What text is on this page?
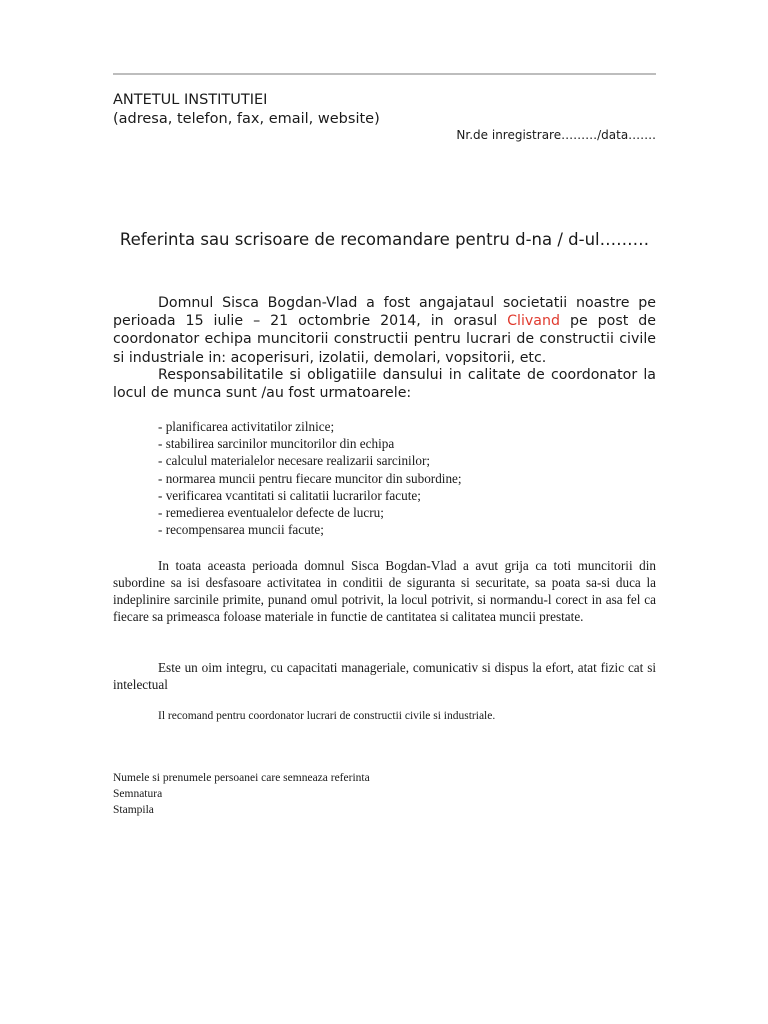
ANTETUL INSTITUTIEI
(adresa, telefon, fax, email, website)
Nr.de inregistrare………/data…….
Referinta sau scrisoare de recomandare pentru d-na / d-ul………
Domnul Sisca Bogdan-Vlad a fost angajataul societatii noastre pe perioada 15 iulie – 21 octombrie 2014, in orasul Clivand pe post de coordonator echipa muncitorii constructii pentru lucrari de constructii civile si industriale in: acoperisuri, izolatii, demolari, vopsitorii, etc.
Responsabilitatile si obligatiile dansului in calitate de coordonator la locul de munca sunt /au fost urmatoarele:
- planificarea activitatilor zilnice;
- stabilirea sarcinilor muncitorilor din echipa
- calculul materialelor necesare realizarii sarcinilor;
- normarea muncii pentru fiecare muncitor din subordine;
- verificarea vcantitati si calitatii lucrarilor facute;
- remedierea eventualelor defecte de lucru;
- recompensarea muncii facute;
In toata aceasta perioada domnul Sisca Bogdan-Vlad a avut grija ca toti muncitorii din subordine sa isi desfasoare activitatea in conditii de siguranta si securitate, sa poata sa-si duca la indeplinire sarcinile primite, punand omul potrivit, la locul potrivit, si normandu-l corect in asa fel ca fiecare sa primeasca foloase materiale in functie de cantitatea si calitatea muncii prestate.
Este un oim integru, cu capacitati manageriale, comunicativ si dispus la efort, atat fizic cat si intelectual
Il recomand pentru coordonator lucrari de constructii civile si industriale.
Numele si prenumele persoanei care semneaza referinta
Semnatura
Stampila
